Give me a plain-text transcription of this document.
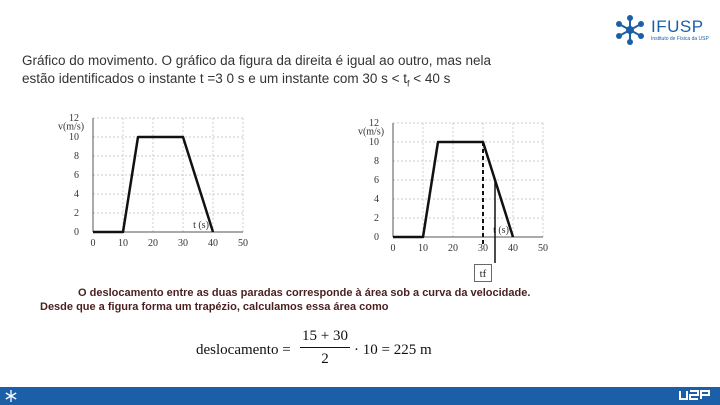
IFUSP
Instituto de Física da USP
Gráfico do movimento. O gráfico da figura da direita é igual ao outro, mas nela
estão identificados o instante t =3 0 s e um instante com 30 $s < t_f < 40$ s
0 10 20 30 40 50
0
2
4
6
8
10
12
v(m/s)
t (s)
0 10 20 30 40 50
0
2
4
6
8
10
12
v(m/s)
t (s)
tf
O deslocamento entre as duas paradas corresponde à área sob a curva da velocidade.
Desde que a figura forma um trapézio, calculamos essa área como
deslocamento =
15 + 30
2
· 10 = 225 m
